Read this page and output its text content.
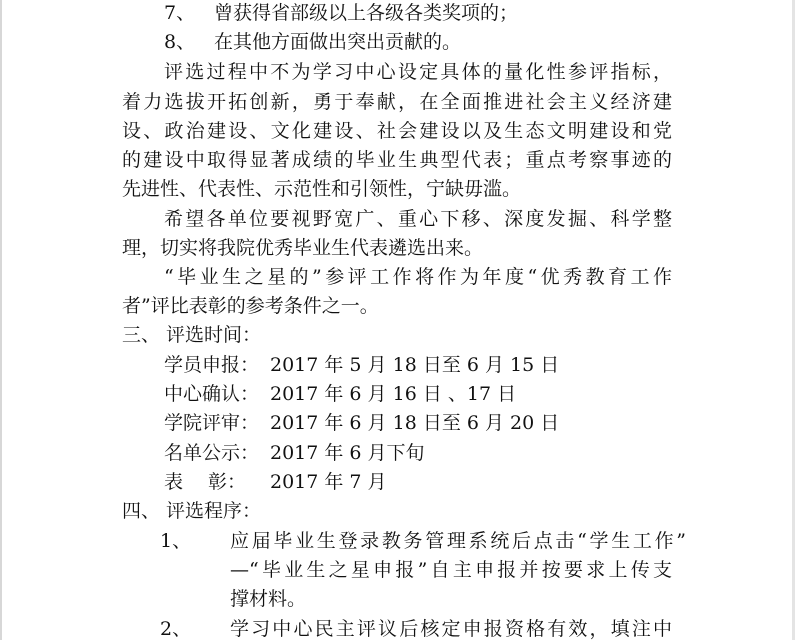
7、 曾获得省部级以上各级各类奖项的；
8、 在其他方面做出突出贡献的。
评选过程中不为学习中心设定具体的量化性参评指标，
着力选拔开拓创新，勇于奉献，在全面推进社会主义经济建
设、政治建设、文化建设、社会建设以及生态文明建设和党
的建设中取得显著成绩的毕业生典型代表；重点考察事迹的
先进性、代表性、示范性和引领性，宁缺毋滥。
希望各单位要视野宽广、重心下移、深度发掘、科学整
理，切实将我院优秀毕业生代表遴选出来。
“毕业生之星的”参评工作将作为年度“优秀教育工作
者”评比表彰的参考条件之一。
三、 评选时间：
学员申报： 2017 年 5 月 18 日至 6 月 15 日
中心确认： 2017 年 6 月 16 日 、17 日
学院评审： 2017 年 6 月 18 日至 6 月 20 日
名单公示： 2017 年 6 月下旬
表　 彰： 2017 年 7 月
四、 评选程序：
1、 应届毕业生登录教务管理系统后点击“学生工作”
—“毕业生之星申报”自主申报并按要求上传支
撑材料。
2、 学习中心民主评议后核定申报资格有效，填注中
